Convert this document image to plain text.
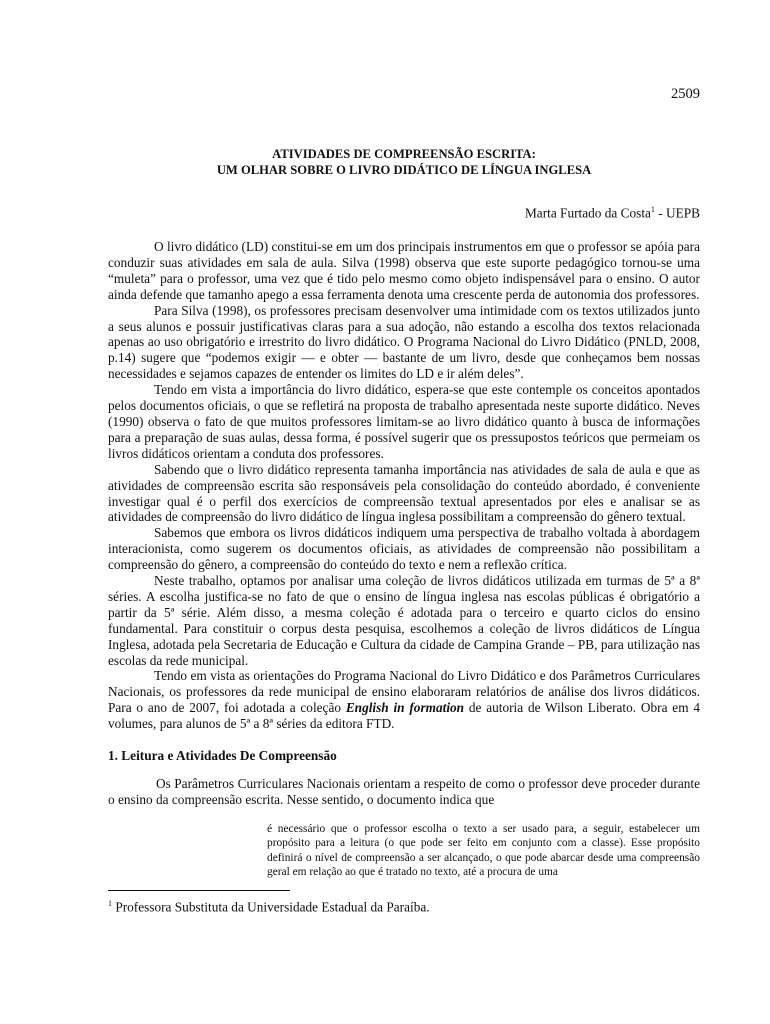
2509
ATIVIDADES DE COMPREENSÃO ESCRITA:
UM OLHAR SOBRE O LIVRO DIDÁTICO DE LÍNGUA INGLESA
Marta Furtado da Costa$^1$ - UEPB

O livro didático (LD) constitui-se em um dos principais instrumentos em que o professor se apóia para conduzir suas atividades em sala de aula. Silva (1998) observa que este suporte pedagógico tornou-se uma “muleta” para o professor, uma vez que é tido pelo mesmo como objeto indispensável para o ensino. O autor ainda defende que tamanho apego a essa ferramenta denota uma crescente perda de autonomia dos professores.

Para Silva (1998), os professores precisam desenvolver uma intimidade com os textos utilizados junto a seus alunos e possuir justificativas claras para a sua adoção, não estando a escolha dos textos relacionada apenas ao uso obrigatório e irrestrito do livro didático. O Programa Nacional do Livro Didático (PNLD, 2008, p.14) sugere que “podemos exigir — e obter — bastante de um livro, desde que conheçamos bem nossas necessidades e sejamos capazes de entender os limites do LD e ir além deles”.

Tendo em vista a importância do livro didático, espera-se que este contemple os conceitos apontados pelos documentos oficiais, o que se refletirá na proposta de trabalho apresentada neste suporte didático. Neves (1990) observa o fato de que muitos professores limitam-se ao livro didático quanto à busca de informações para a preparação de suas aulas, dessa forma, é possível sugerir que os pressupostos teóricos que permeiam os livros didáticos orientam a conduta dos professores.

Sabendo que o livro didático representa tamanha importância nas atividades de sala de aula e que as atividades de compreensão escrita são responsáveis pela consolidação do conteúdo abordado, é conveniente investigar qual é o perfil dos exercícios de compreensão textual apresentados por eles e analisar se as atividades de compreensão do livro didático de língua inglesa possibilitam a compreensão do gênero textual.

Sabemos que embora os livros didáticos indiquem uma perspectiva de trabalho voltada à abordagem interacionista, como sugerem os documentos oficiais, as atividades de compreensão não possibilitam a compreensão do gênero, a compreensão do conteúdo do texto e nem a reflexão crítica.

Neste trabalho, optamos por analisar uma coleção de livros didáticos utilizada em turmas de 5ª a 8ª séries. A escolha justifica-se no fato de que o ensino de língua inglesa nas escolas públicas é obrigatório a partir da 5ª série. Além disso, a mesma coleção é adotada para o terceiro e quarto ciclos do ensino fundamental. Para constituir o corpus desta pesquisa, escolhemos a coleção de livros didáticos de Língua Inglesa, adotada pela Secretaria de Educação e Cultura da cidade de Campina Grande – PB, para utilização nas escolas da rede municipal.

Tendo em vista as orientações do Programa Nacional do Livro Didático e dos Parâmetros Curriculares Nacionais, os professores da rede municipal de ensino elaboraram relatórios de análise dos livros didáticos. Para o ano de 2007, foi adotada a coleção English in formation de autoria de Wilson Liberato. Obra em 4 volumes, para alunos de 5ª a 8ª séries da editora FTD.

1. Leitura e Atividades De Compreensão

Os Parâmetros Curriculares Nacionais orientam a respeito de como o professor deve proceder durante o ensino da compreensão escrita. Nesse sentido, o documento indica que

é necessário que o professor escolha o texto a ser usado para, a seguir, estabelecer um propósito para a leitura (o que pode ser feito em conjunto com a classe). Esse propósito definirá o nível de compreensão a ser alcançado, o que pode abarcar desde uma compreensão geral em relação ao que é tratado no texto, até a procura de uma
$^1$ Professora Substituta da Universidade Estadual da Paraíba.
